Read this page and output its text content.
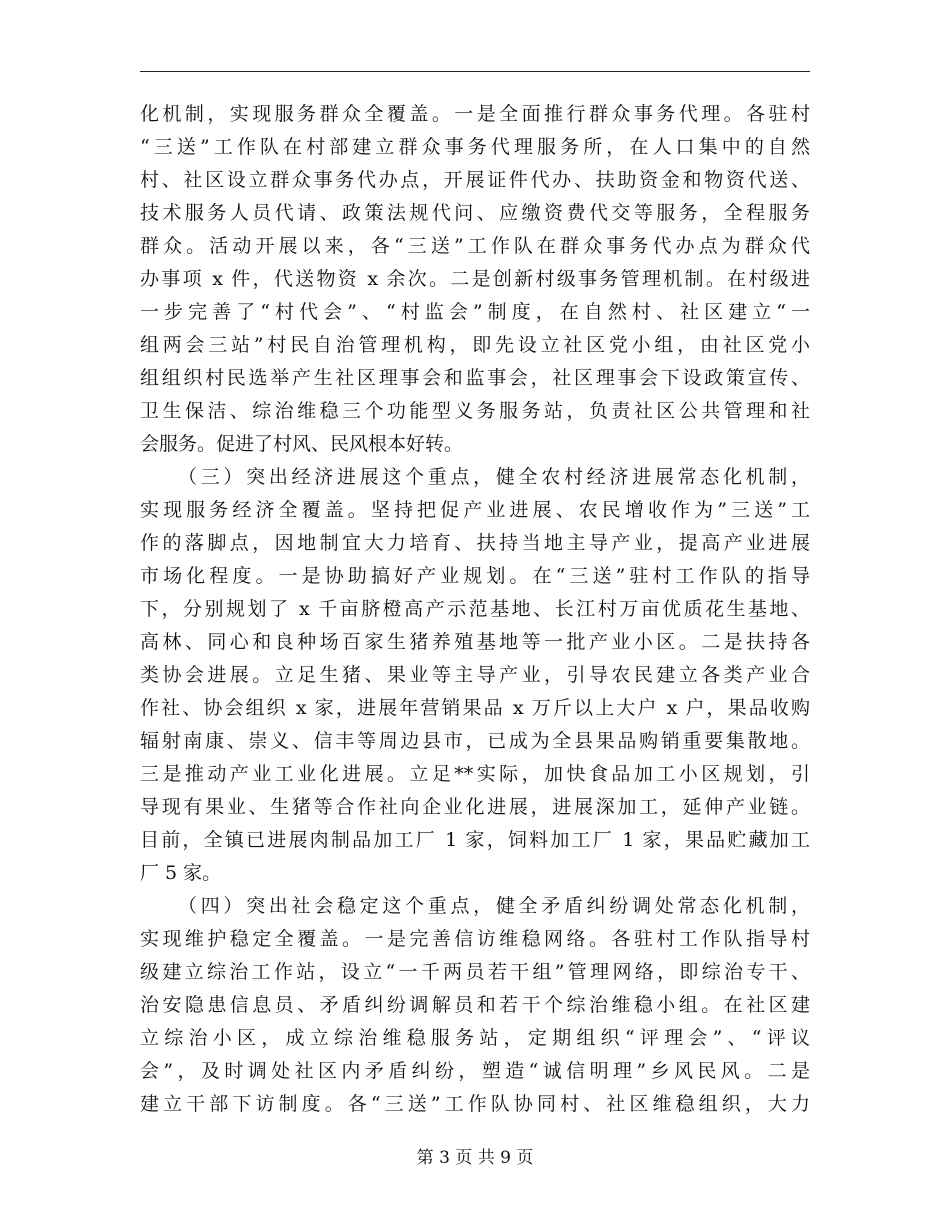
化机制，实现服务群众全覆盖。一是全面推行群众事务代理。各驻村
“三送”工作队在村部建立群众事务代理服务所，在人口集中的自然
村、社区设立群众事务代办点，开展证件代办、扶助资金和物资代送、
技术服务人员代请、政策法规代问、应缴资费代交等服务，全程服务
群众。活动开展以来，各“三送”工作队在群众事务代办点为群众代
办事项 x 件，代送物资 x 余次。二是创新村级事务管理机制。在村级进
一步完善了“村代会”、“村监会”制度，在自然村、社区建立“一
组两会三站”村民自治管理机构，即先设立社区党小组，由社区党小
组组织村民选举产生社区理事会和监事会，社区理事会下设政策宣传、
卫生保洁、综治维稳三个功能型义务服务站，负责社区公共管理和社
会服务。促进了村风、民风根本好转。
（三）突出经济进展这个重点，健全农村经济进展常态化机制，
实现服务经济全覆盖。坚持把促产业进展、农民增收作为”三送”工
作的落脚点，因地制宜大力培育、扶持当地主导产业，提高产业进展
市场化程度。一是协助搞好产业规划。在“三送”驻村工作队的指导
下，分别规划了 x 千亩脐橙高产示范基地、长江村万亩优质花生基地、
高林、同心和良种场百家生猪养殖基地等一批产业小区。二是扶持各
类协会进展。立足生猪、果业等主导产业，引导农民建立各类产业合
作社、协会组织 x 家，进展年营销果品 x 万斤以上大户 x 户，果品收购
辐射南康、崇义、信丰等周边县市，已成为全县果品购销重要集散地。
三是推动产业工业化进展。立足**实际，加快食品加工小区规划，引
导现有果业、生猪等合作社向企业化进展，进展深加工，延伸产业链。
目前，全镇已进展肉制品加工厂 1 家，饲料加工厂 1 家，果品贮藏加工
厂 5 家。
（四）突出社会稳定这个重点，健全矛盾纠纷调处常态化机制，
实现维护稳定全覆盖。一是完善信访维稳网络。各驻村工作队指导村
级建立综治工作站，设立“一千两员若干组”管理网络，即综治专干、
治安隐患信息员、矛盾纠纷调解员和若干个综治维稳小组。在社区建
立综治小区，成立综治维稳服务站，定期组织“评理会”、“评议
会”，及时调处社区内矛盾纠纷，塑造“诚信明理”乡风民风。二是
建立干部下访制度。各“三送”工作队协同村、社区维稳组织，大力
第 3 页 共 9 页
